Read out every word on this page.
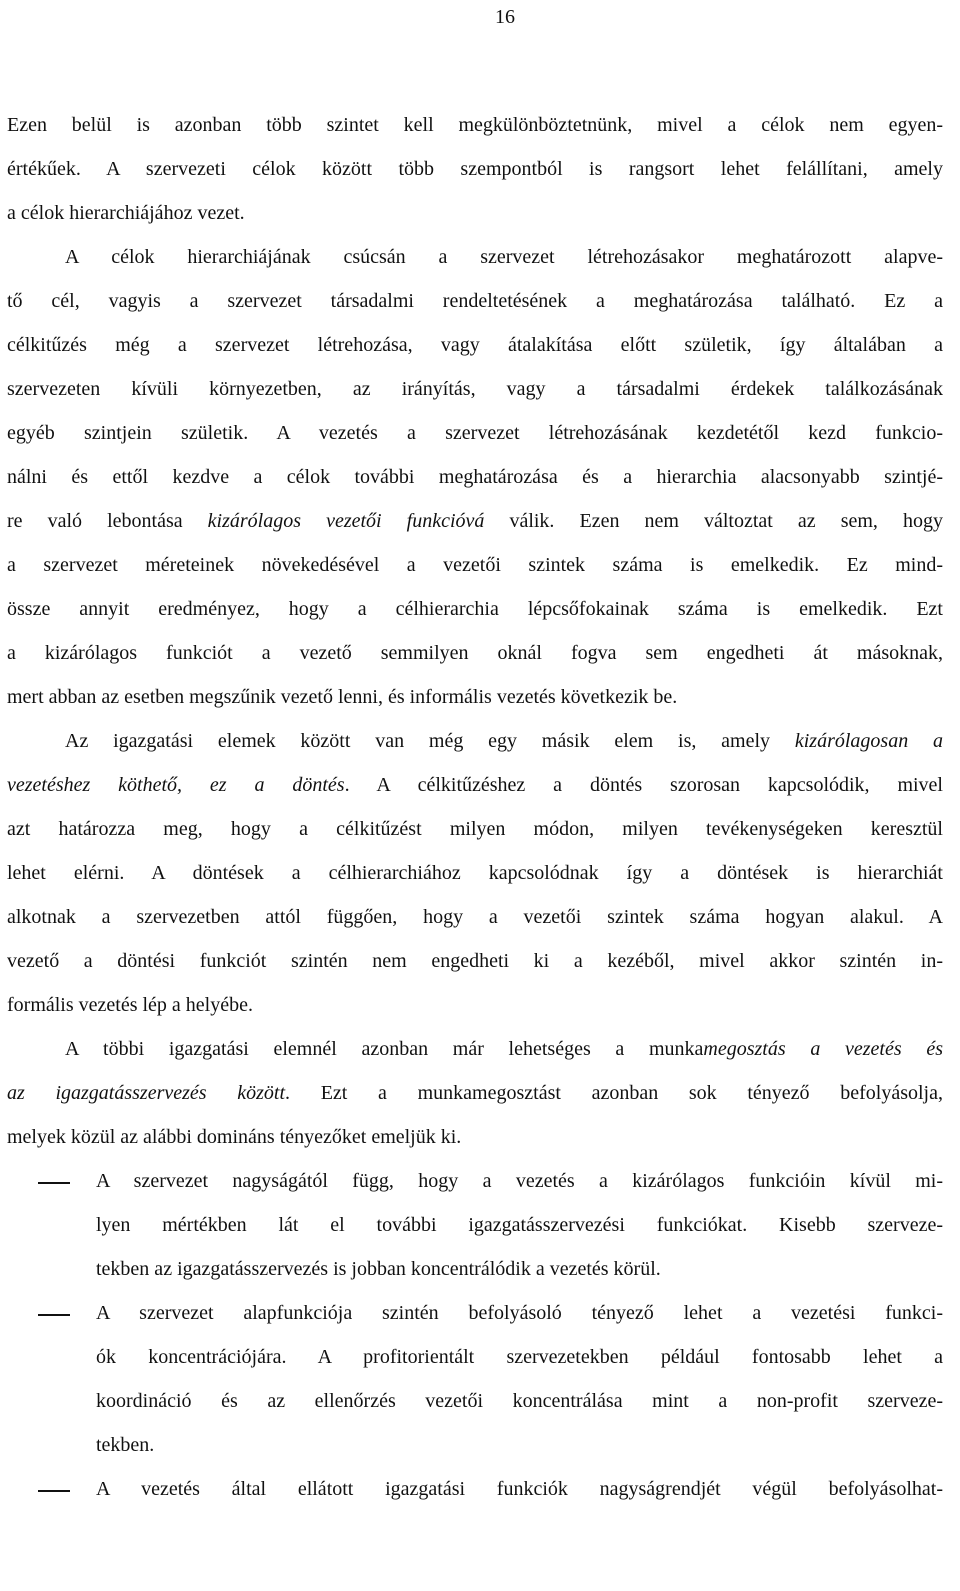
16
Ezen belül is azonban több szintet kell megkülönböztetnünk, mivel a célok nem egyen-
értékűek. A szervezeti célok között több szempontból is rangsort lehet felállítani, amely
a célok hierarchiájához vezet.
A célok hierarchiájának csúcsán a szervezet létrehozásakor meghatározott alapve-
tő cél, vagyis a szervezet társadalmi rendeltetésének a meghatározása található. Ez a
célkitűzés még a szervezet létrehozása, vagy átalakítása előtt születik, így általában a
szervezeten kívüli környezetben, az irányítás, vagy a társadalmi érdekek találkozásának
egyéb szintjein születik. A vezetés a szervezet létrehozásának kezdetétől kezd funkcio-
nálni és ettől kezdve a célok további meghatározása és a hierarchia alacsonyabb szintjé-
re való lebontása kizárólagos vezetői funkcióvá válik. Ezen nem változtat az sem, hogy
a szervezet méreteinek növekedésével a vezetői szintek száma is emelkedik. Ez mind-
össze annyit eredményez, hogy a célhierarchia lépcsőfokainak száma is emelkedik. Ezt
a kizárólagos funkciót a vezető semmilyen oknál fogva sem engedheti át másoknak,
mert abban az esetben megszűnik vezető lenni, és informális vezetés következik be.
Az igazgatási elemek között van még egy másik elem is, amely kizárólagosan a
vezetéshez köthető, ez a döntés. A célkitűzéshez a döntés szorosan kapcsolódik, mivel
azt határozza meg, hogy a célkitűzést milyen módon, milyen tevékenységeken keresztül
lehet elérni. A döntések a célhierarchiához kapcsolódnak így a döntések is hierarchiát
alkotnak a szervezetben attól függően, hogy a vezetői szintek száma hogyan alakul. A
vezető a döntési funkciót szintén nem engedheti ki a kezéből, mivel akkor szintén in-
formális vezetés lép a helyébe.
A többi igazgatási elemnél azonban már lehetséges a munkamegosztás a vezetés és
az igazgatásszervezés között. Ezt a munkamegosztást azonban sok tényező befolyásolja,
melyek közül az alábbi domináns tényezőket emeljük ki.
A szervezet nagyságától függ, hogy a vezetés a kizárólagos funkcióin kívül mi-
lyen mértékben lát el további igazgatásszervezési funkciókat. Kisebb szerveze-
tekben az igazgatásszervezés is jobban koncentrálódik a vezetés körül.
A szervezet alapfunkciója szintén befolyásoló tényező lehet a vezetési funkci-
ók koncentrációjára. A profitorientált szervezetekben például fontosabb lehet a
koordináció és az ellenőrzés vezetői koncentrálása mint a non-profit szerveze-
tekben.
A vezetés által ellátott igazgatási funkciók nagyságrendjét végül befolyásolhat-
